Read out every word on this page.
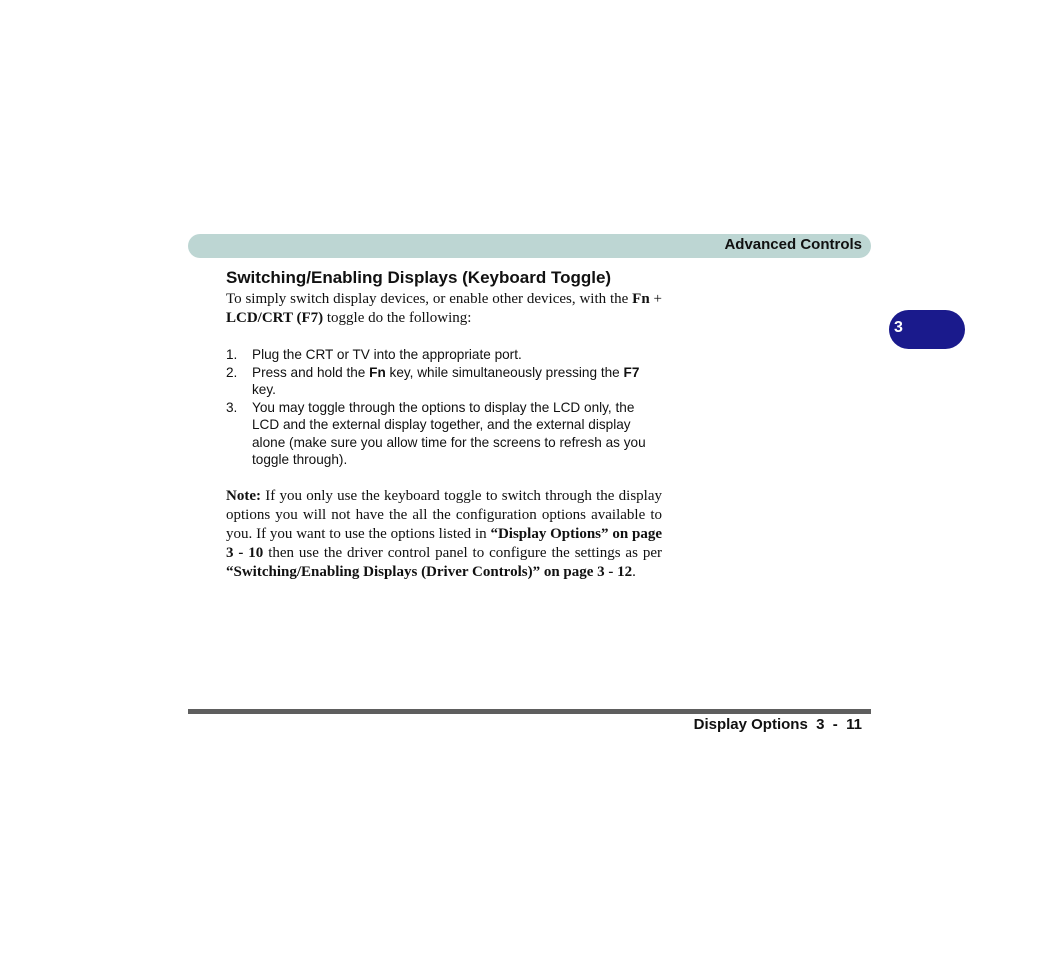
Advanced Controls
3
Switching/Enabling Displays (Keyboard Toggle)

To simply switch display devices, or enable other devices, with the Fn + LCD/CRT (F7) toggle do the following:

1. Plug the CRT or TV into the appropriate port.
2. Press and hold the Fn key, while simultaneously pressing the F7 key.
3. You may toggle through the options to display the LCD only, the LCD and the external display together, and the external display alone (make sure you allow time for the screens to refresh as you toggle through).

Note: If you only use the keyboard toggle to switch through the display options you will not have the all the configuration options available to you. If you want to use the options listed in “Display Options” on page 3 - 10 then use the driver control panel to configure the settings as per “Switching/Enabling Displays (Driver Controls)” on page 3 - 12.

Display Options  3  -  11
